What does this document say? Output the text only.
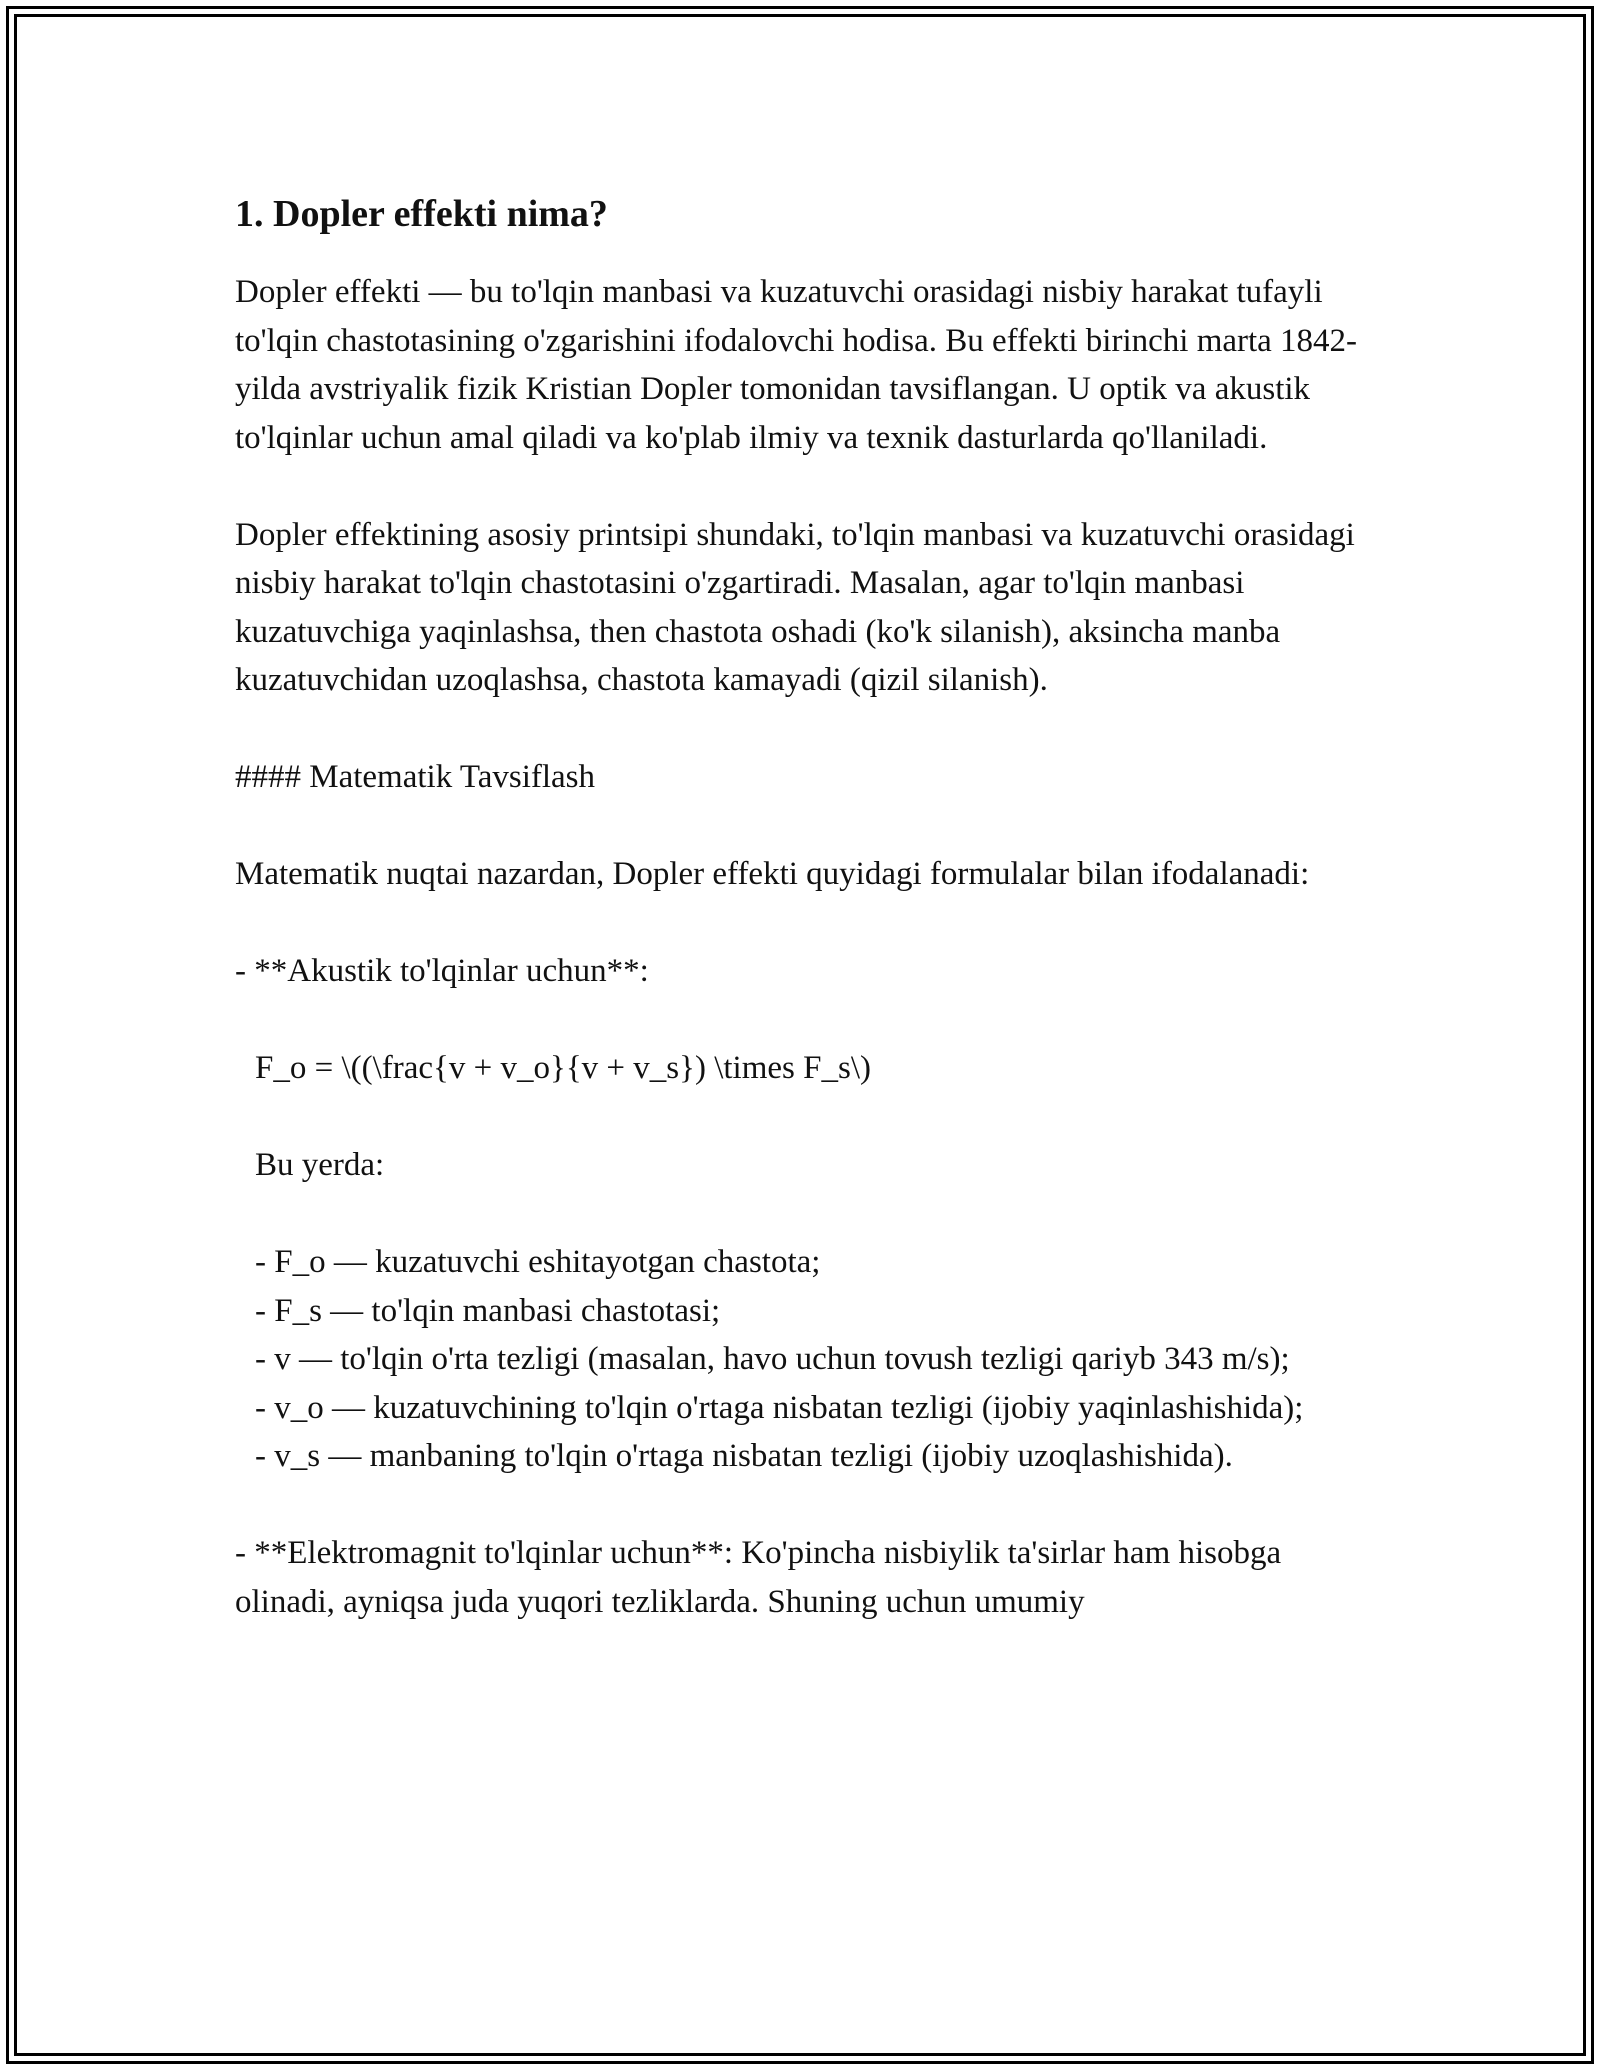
1. Dopler effekti nima?

Dopler effekti — bu to'lqin manbasi va kuzatuvchi orasidagi nisbiy harakat tufayli to'lqin chastotasining o'zgarishini ifodalovchi hodisa. Bu effekti birinchi marta 1842-yilda avstriyalik fizik Kristian Dopler tomonidan tavsiflangan. U optik va akustik to'lqinlar uchun amal qiladi va ko'plab ilmiy va texnik dasturlarda qo'llaniladi.

Dopler effektining asosiy printsipi shundaki, to'lqin manbasi va kuzatuvchi orasidagi nisbiy harakat to'lqin chastotasini o'zgartiradi. Masalan, agar to'lqin manbasi kuzatuvchiga yaqinlashsa, then chastota oshadi (ko'k silanish), aksincha manba kuzatuvchidan uzoqlashsa, chastota kamayadi (qizil silanish).

#### Matematik Tavsiflash

Matematik nuqtai nazardan, Dopler effekti quyidagi formulalar bilan ifodalanadi:

- **Akustik to'lqinlar uchun**:

F_o = \((\frac{v + v_o}{v + v_s}) \times F_s\)

Bu yerda:

- F_o — kuzatuvchi eshitayotgan chastota;

- F_s — to'lqin manbasi chastotasi;

- v — to'lqin o'rta tezligi (masalan, havo uchun tovush tezligi qariyb 343 m/s);

- v_o — kuzatuvchining to'lqin o'rtaga nisbatan tezligi (ijobiy yaqinlashishida);

- v_s — manbaning to'lqin o'rtaga nisbatan tezligi (ijobiy uzoqlashishida).

- **Elektromagnit to'lqinlar uchun**: Ko'pincha nisbiylik ta'sirlar ham hisobga olinadi, ayniqsa juda yuqori tezliklarda. Shuning uchun umumiy
